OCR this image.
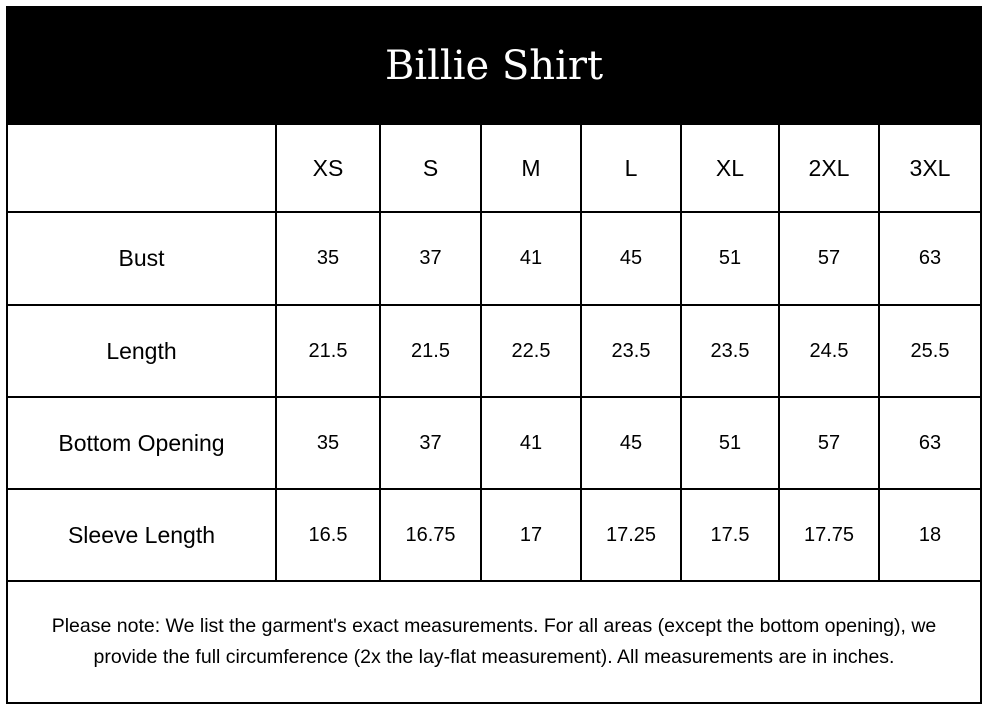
Billie Shirt
XS	S	M	L	XL	2XL	3XL
Bust	35	37	41	45	51	57	63
Length	21.5	21.5	22.5	23.5	23.5	24.5	25.5
Bottom Opening	35	37	41	45	51	57	63
Sleeve Length	16.5	16.75	17	17.25	17.5	17.75	18
Please note: We list the garment's exact measurements. For all areas (except the bottom opening), we provide the full circumference (2x the lay-flat measurement). All measurements are in inches.
